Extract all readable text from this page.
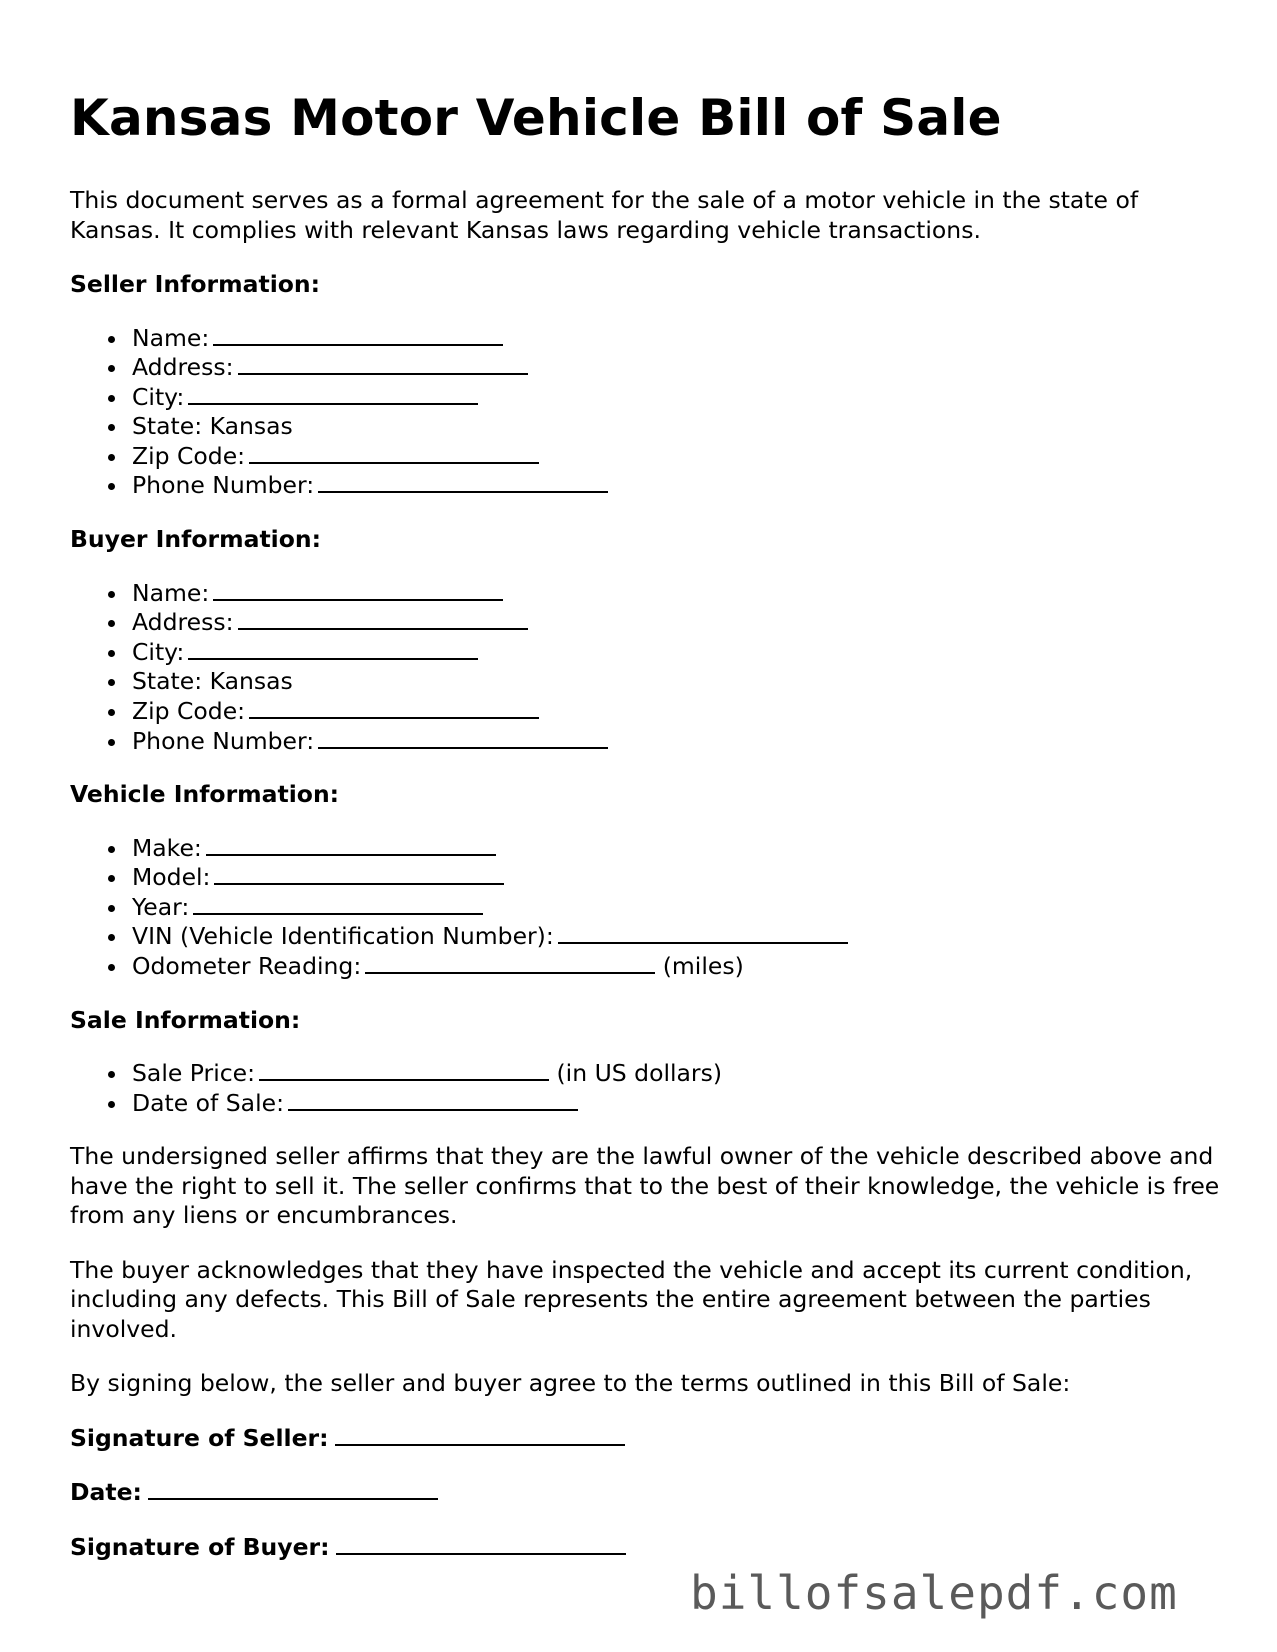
Kansas Motor Vehicle Bill of Sale

This document serves as a formal agreement for the sale of a motor vehicle in the state of Kansas. It complies with relevant Kansas laws regarding vehicle transactions.

Seller Information:
Name:
Address:
City:
State: Kansas
Zip Code:
Phone Number:
Buyer Information:
Name:
Address:
City:
State: Kansas
Zip Code:
Phone Number:
Vehicle Information:
Make:
Model:
Year:
VIN (Vehicle Identification Number):
Odometer Reading:	(miles)
Sale Information:
Sale Price:	(in US dollars)
Date of Sale:

The undersigned seller affirms that they are the lawful owner of the vehicle described above and have the right to sell it. The seller confirms that to the best of their knowledge, the vehicle is free from any liens or encumbrances.

The buyer acknowledges that they have inspected the vehicle and accept its current condition, including any defects. This Bill of Sale represents the entire agreement between the parties involved.

By signing below, the seller and buyer agree to the terms outlined in this Bill of Sale:

Signature of Seller:
Date:
Signature of Buyer:
billofsalepdf.com
